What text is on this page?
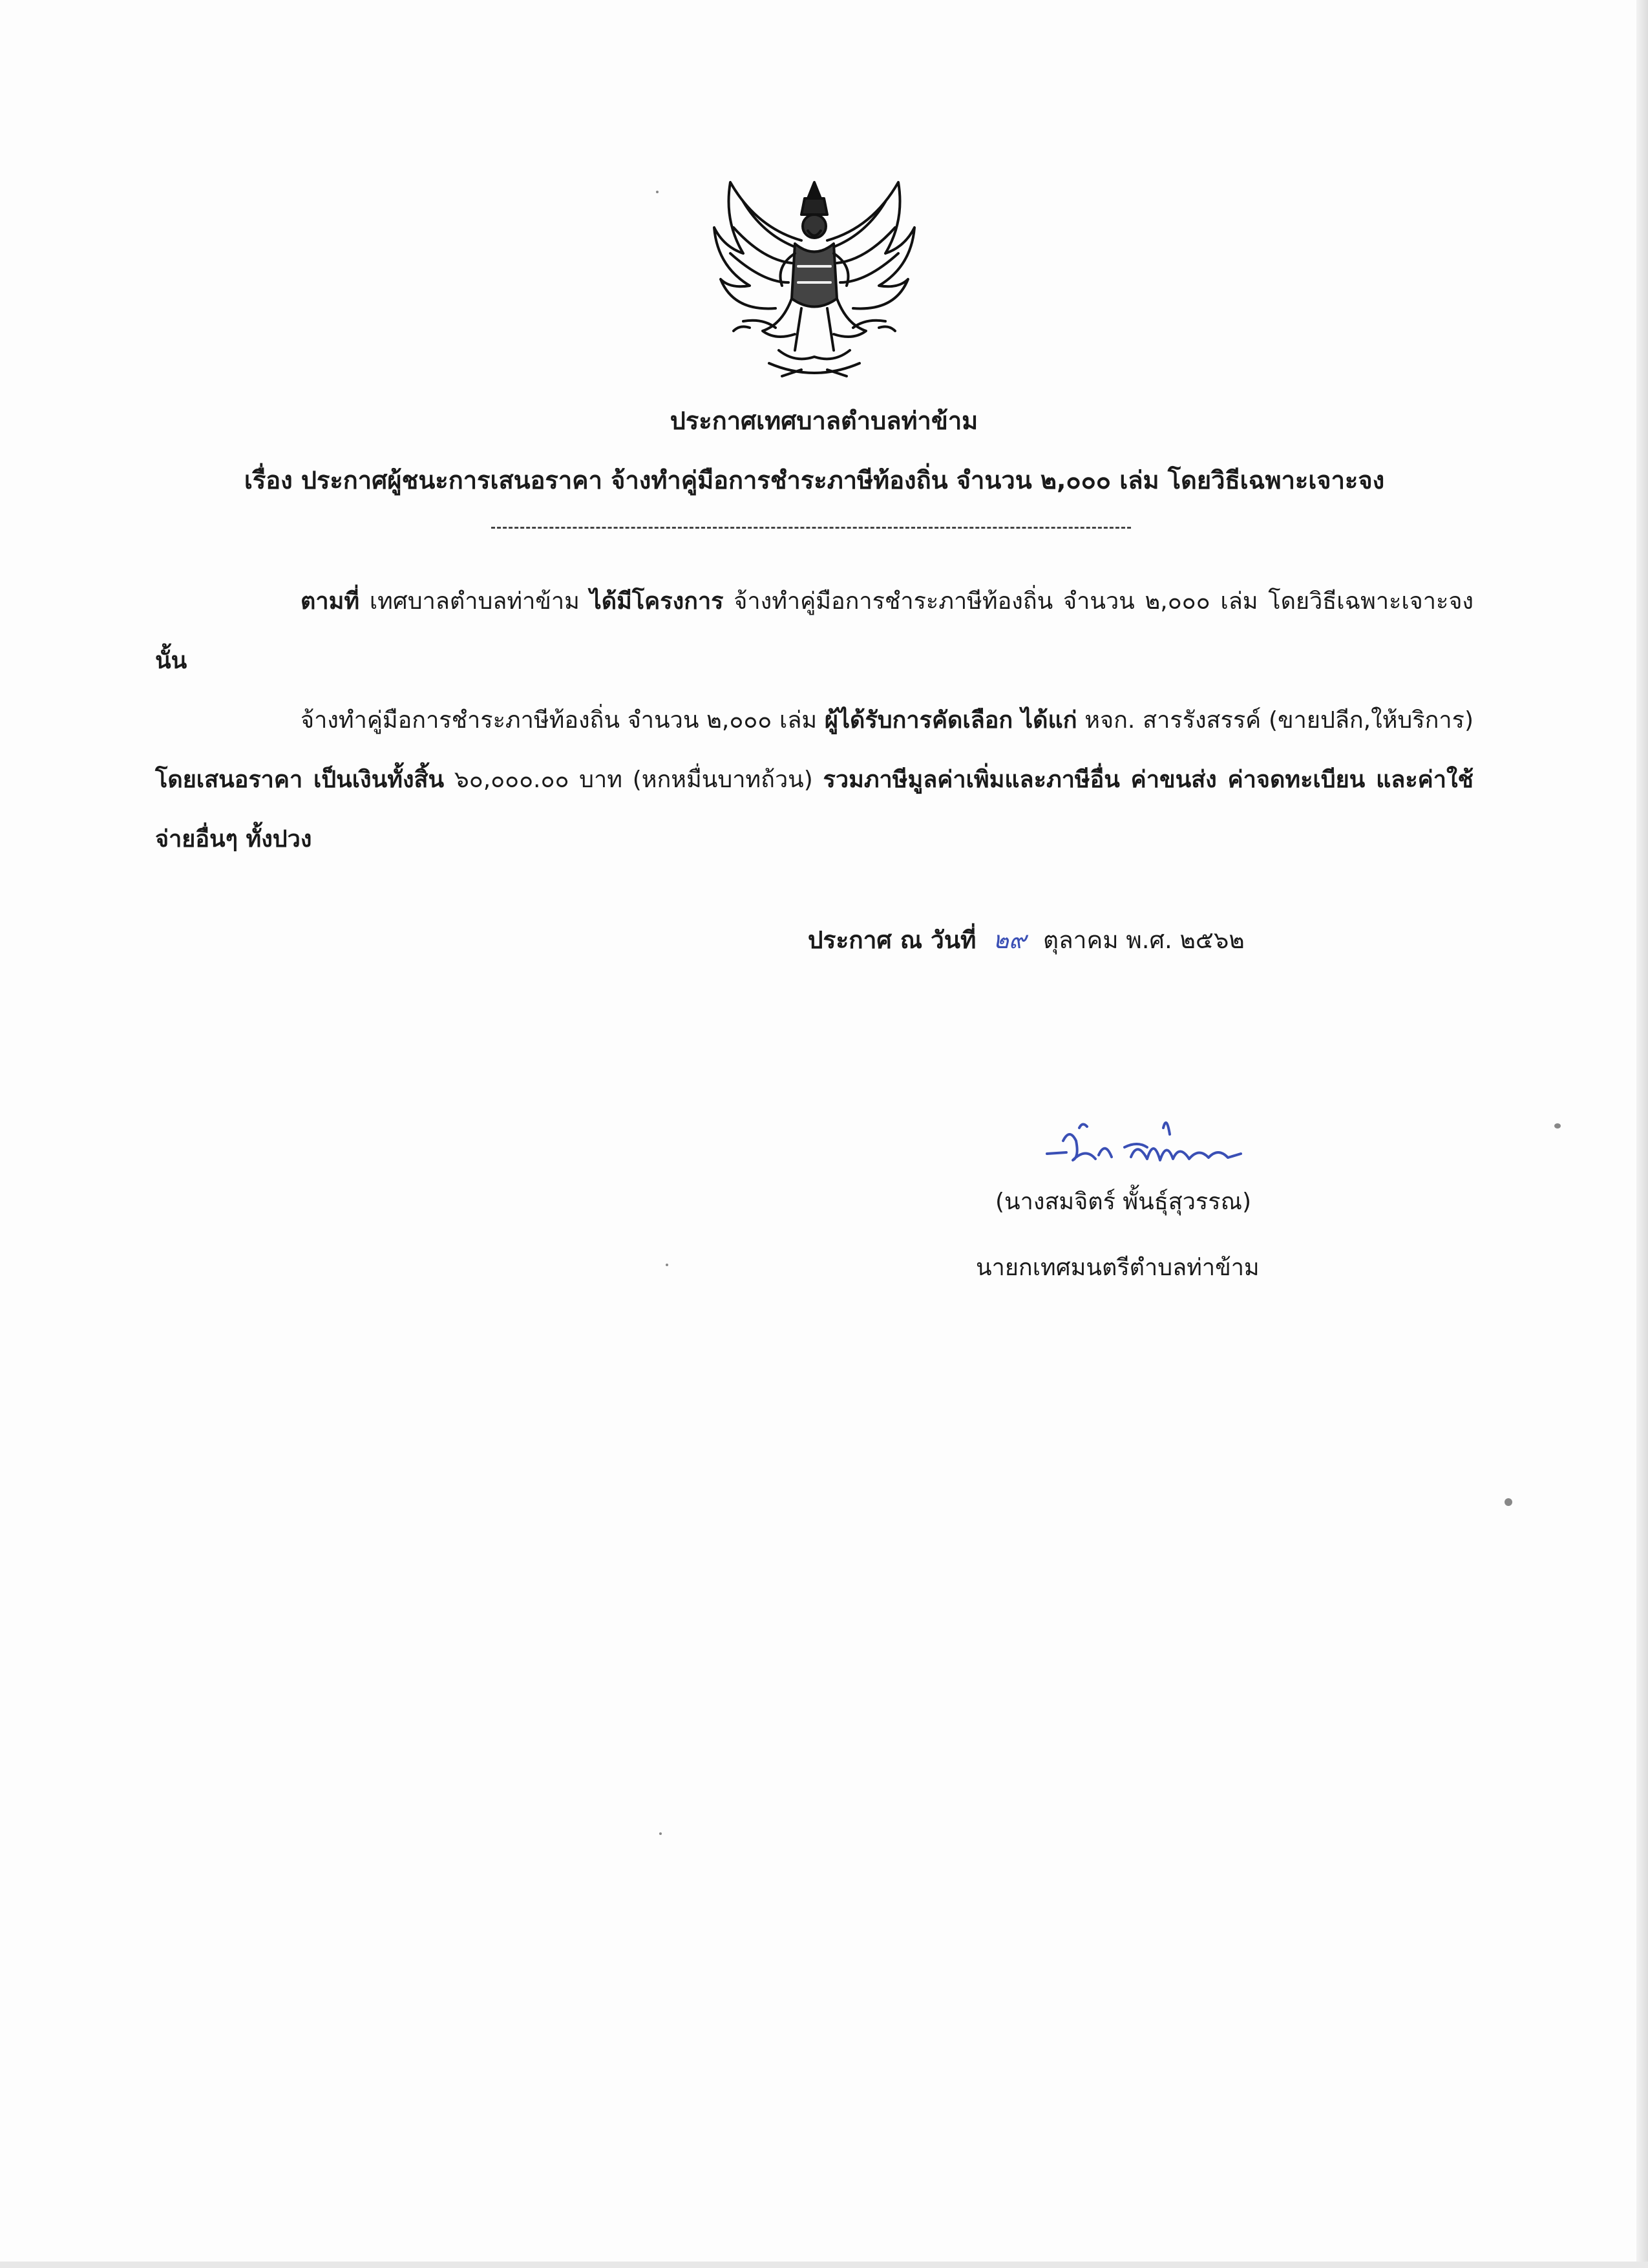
ประกาศเทศบาลตำบลท่าข้าม

เรื่อง ประกาศผู้ชนะการเสนอราคา จ้างทำคู่มือการชำระภาษีท้องถิ่น จำนวน ๒,๐๐๐ เล่ม โดยวิธีเฉพาะเจาะจง

ตามที่ เทศบาลตำบลท่าข้าม ได้มีโครงการ จ้างทำคู่มือการชำระภาษีท้องถิ่น จำนวน ๒,๐๐๐ เล่ม โดยวิธีเฉพาะเจาะจง นั้น

จ้างทำคู่มือการชำระภาษีท้องถิ่น จำนวน ๒,๐๐๐ เล่ม ผู้ได้รับการคัดเลือก ได้แก่ หจก. สารรังสรรค์ (ขายปลีก,ให้บริการ) โดยเสนอราคา เป็นเงินทั้งสิ้น ๖๐,๐๐๐.๐๐ บาท (หกหมื่นบาทถ้วน) รวมภาษีมูลค่าเพิ่มและภาษีอื่น ค่าขนส่ง ค่าจดทะเบียน และค่าใช้จ่ายอื่นๆ ทั้งปวง

ประกาศ ณ วันที่ ๒๙ ตุลาคม พ.ศ. ๒๕๖๒

(นางสมจิตร์ พั้นธุ์สุวรรณ)

นายกเทศมนตรีตำบลท่าข้าม
